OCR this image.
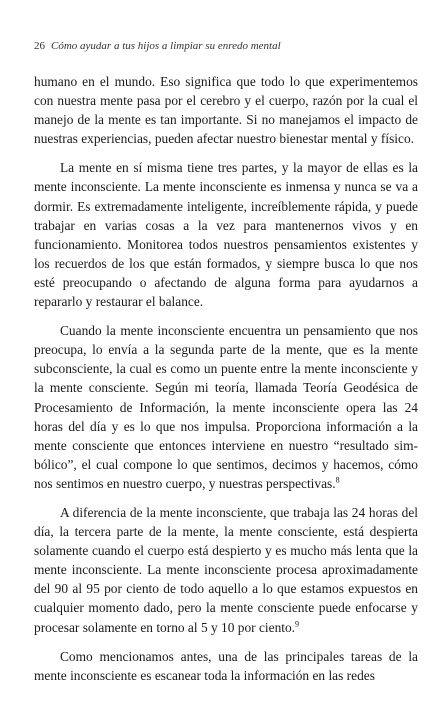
26 Cómo ayudar a tus hijos a limpiar su enredo mental

humano en el mundo. Eso significa que todo lo que experimentemos con nuestra mente pasa por el cerebro y el cuerpo, razón por la cual el manejo de la mente es tan importante. Si no manejamos el impacto de nuestras experiencias, pueden afectar nuestro bienestar mental y físico.

La mente en sí misma tiene tres partes, y la mayor de ellas es la mente inconsciente. La mente inconsciente es inmensa y nunca se va a dormir. Es extremadamente inteligente, increíblemente rápida, y puede trabajar en varias cosas a la vez para mantenernos vivos y en funcionamiento. Monitorea todos nuestros pensamientos existentes y los recuerdos de los que están formados, y siempre busca lo que nos esté preocupando o afectando de alguna forma para ayudarnos a repararlo y restaurar el balance.

Cuando la mente inconsciente encuentra un pensamiento que nos preocupa, lo envía a la segunda parte de la mente, que es la mente subconsciente, la cual es como un puente entre la mente inconsciente y la mente consciente. Según mi teoría, llamada Teoría Geodésica de Procesamiento de Información, la mente inconsciente opera las 24 horas del día y es lo que nos impulsa. Proporciona información a la mente consciente que entonces interviene en nuestro “resultado simbólico”, el cual compone lo que sentimos, decimos y hacemos, cómo nos sentimos en nuestro cuerpo, y nuestras perspectivas.$^8$

A diferencia de la mente inconsciente, que trabaja las 24 horas del día, la tercera parte de la mente, la mente consciente, está despierta solamente cuando el cuerpo está despierto y es mucho más lenta que la mente inconsciente. La mente inconsciente procesa aproximadamente del 90 al 95 por ciento de todo aquello a lo que estamos expuestos en cualquier momento dado, pero la mente consciente puede enfocarse y procesar solamente en torno al 5 y 10 por ciento.$^9$

Como mencionamos antes, una de las principales tareas de la mente inconsciente es escanear toda la información en las redes
